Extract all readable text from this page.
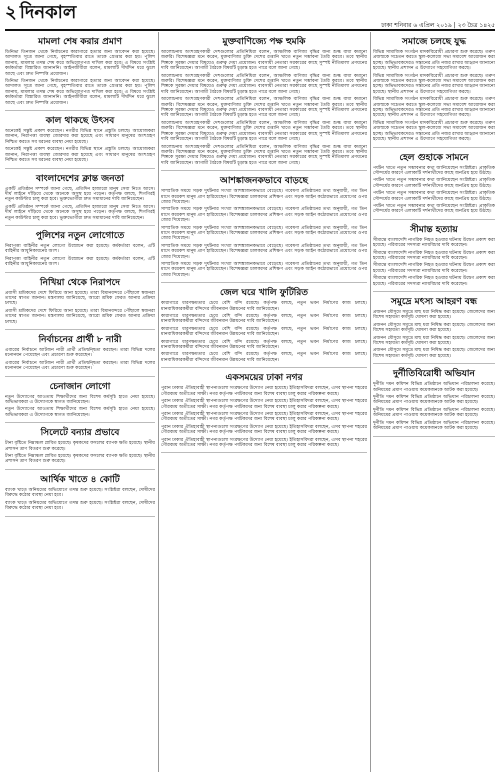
২ দিনকাল
ঢাকা শনিবার ৬ এপ্রিল ২০১৯ | ২৩ চৈত্র ১৪২৫
মামলা শেষ করার প্রমাণ

ডিনিভা তিনজন থেকে নির্বাচনের কারাগারে হত্যার জন্য আবেদন করা হয়েছে। আদালত সূত্রে জানা গেছে, বৃহস্পতিবার রাতে তাকে গ্রেপ্তার করা হয়। পুলিশ জানায়, মামলার তদন্ত শেষ করে অভিযোগপত্র দাখিল করা হবে। এ বিষয়ে সংশ্লিষ্ট কর্মকর্তারা বিস্তারিত জানাননি। আইনজীবীরা বলেন, মামলাটি দীর্ঘদিন ধরে ঝুলে আছে এবং দ্রুত নিষ্পত্তি প্রয়োজন।

ডিনিভা তিনজন থেকে নির্বাচনের কারাগারে হত্যার জন্য আবেদন করা হয়েছে। আদালত সূত্রে জানা গেছে, বৃহস্পতিবার রাতে তাকে গ্রেপ্তার করা হয়। পুলিশ জানায়, মামলার তদন্ত শেষ করে অভিযোগপত্র দাখিল করা হবে। এ বিষয়ে সংশ্লিষ্ট কর্মকর্তারা বিস্তারিত জানাননি। আইনজীবীরা বলেন, মামলাটি দীর্ঘদিন ধরে ঝুলে আছে এবং দ্রুত নিষ্পত্তি প্রয়োজন।

কাল থাকছে উৎসব

অনেকেই সন্তুষ্ট প্রকাশ করেছেন। নগরীর বিভিন্ন স্থানে প্রস্তুতি চলছে। আয়োজকরা জানান, নিরাপত্তা ব্যবস্থা জোরদার করা হয়েছে এবং সাধারণ মানুষের অংশগ্রহণ নিশ্চিত করতে সব ধরনের ব্যবস্থা নেয়া হয়েছে।

অনেকেই সন্তুষ্ট প্রকাশ করেছেন। নগরীর বিভিন্ন স্থানে প্রস্তুতি চলছে। আয়োজকরা জানান, নিরাপত্তা ব্যবস্থা জোরদার করা হয়েছে এবং সাধারণ মানুষের অংশগ্রহণ নিশ্চিত করতে সব ধরনের ব্যবস্থা নেয়া হয়েছে।

বাংলাদেশের ক্লান্ত জনতা

একটি প্রতিষ্ঠান সম্পর্কে জানা গেছে, প্রতিদিন হাজারো মানুষ সেবা নিতে আসে। দীর্ঘ লাইনে দাঁড়িয়ে থেকে অনেকে অসুস্থ হয়ে পড়েন। কর্তৃপক্ষ বলছে, শিগগিরই নতুন কাউন্টার চালু করা হবে। ভুক্তভোগীরা দ্রুত সমাধানের দাবি জানিয়েছেন।

একটি প্রতিষ্ঠান সম্পর্কে জানা গেছে, প্রতিদিন হাজারো মানুষ সেবা নিতে আসে। দীর্ঘ লাইনে দাঁড়িয়ে থেকে অনেকে অসুস্থ হয়ে পড়েন। কর্তৃপক্ষ বলছে, শিগগিরই নতুন কাউন্টার চালু করা হবে। ভুক্তভোগীরা দ্রুত সমাধানের দাবি জানিয়েছেন।

পুলিশের নতুন লোগোতে

নিরাপত্তা বাহিনীর নতুন লোগো উন্মোচন করা হয়েছে। কর্মকর্তারা বলেন, এটি বাহিনীর আধুনিকায়নের অংশ।

নিরাপত্তা বাহিনীর নতুন লোগো উন্মোচন করা হয়েছে। কর্মকর্তারা বলেন, এটি বাহিনীর আধুনিকায়নের অংশ।

নিখিয়া থেকে নিরাপদে

প্রবাসী শ্রমিকদের দেশে ফিরিয়ে আনা হয়েছে। তারা বিমানবন্দরে পৌঁছালে স্বজনরা তাদের স্বাগত জানান। মন্ত্রণালয় জানিয়েছে, আরো শ্রমিক ফেরত আনার প্রক্রিয়া চলছে।

প্রবাসী শ্রমিকদের দেশে ফিরিয়ে আনা হয়েছে। তারা বিমানবন্দরে পৌঁছালে স্বজনরা তাদের স্বাগত জানান। মন্ত্রণালয় জানিয়েছে, আরো শ্রমিক ফেরত আনার প্রক্রিয়া চলছে।

নির্বাচনের প্রার্থী ৮ নারী

এবারের নির্বাচনে আটজন নারী প্রার্থী প্রতিদ্বন্দ্বিতা করছেন। তারা বিভিন্ন দলের মনোনয়ন পেয়েছেন এবং প্রচারণা শুরু করেছেন।

এবারের নির্বাচনে আটজন নারী প্রার্থী প্রতিদ্বন্দ্বিতা করছেন। তারা বিভিন্ন দলের মনোনয়ন পেয়েছেন এবং প্রচারণা শুরু করেছেন।

চেনাজান লোগো

নতুন উদ্যোগের আওতায় শিক্ষার্থীদের জন্য বিশেষ কর্মসূচি হাতে নেয়া হয়েছে। অভিভাবকরা এ উদ্যোগকে স্বাগত জানিয়েছেন।

নতুন উদ্যোগের আওতায় শিক্ষার্থীদের জন্য বিশেষ কর্মসূচি হাতে নেয়া হয়েছে। অভিভাবকরা এ উদ্যোগকে স্বাগত জানিয়েছেন।

সিলেটে বন্যার প্রভাবে

টানা বৃষ্টিতে নিম্নাঞ্চল প্লাবিত হয়েছে। কৃষকদের ফসলের ব্যাপক ক্ষতি হয়েছে। স্থানীয় প্রশাসন ত্রাণ বিতরণ শুরু করেছে।

টানা বৃষ্টিতে নিম্নাঞ্চল প্লাবিত হয়েছে। কৃষকদের ফসলের ব্যাপক ক্ষতি হয়েছে। স্থানীয় প্রশাসন ত্রাণ বিতরণ শুরু করেছে।

আর্থিক খাতে ৪ কোটি

ব্যাংক খাতে অনিয়মের অভিযোগে তদন্ত শুরু হয়েছে। সংশ্লিষ্টরা বলছেন, দোষীদের বিরুদ্ধে কঠোর ব্যবস্থা নেয়া হবে।

ব্যাংক খাতে অনিয়মের অভিযোগে তদন্ত শুরু হয়েছে। সংশ্লিষ্টরা বলছেন, দোষীদের বিরুদ্ধে কঠোর ব্যবস্থা নেয়া হবে।

মুক্তবাণিজ্যে পক্ষ হুমকি

আলোচনায় অংশগ্রহণকারী দেশগুলোর প্রতিনিধিরা বলেন, আঞ্চলিক বাণিজ্য বৃদ্ধির জন্য শুল্ক বাধা কমানো জরুরি। বিশেষজ্ঞরা মনে করেন, মুক্তবাণিজ্য চুক্তি দেশের রপ্তানি খাতে নতুন সম্ভাবনা তৈরি করবে। তবে স্থানীয় শিল্পকে সুরক্ষা দেয়ার বিষয়েও গুরুত্ব দেয়া প্রয়োজন। ব্যবসায়ী নেতারা সরকারের কাছে সুস্পষ্ট নীতিমালা প্রণয়নের দাবি জানিয়েছেন। আগামী বৈঠকে বিষয়টি চূড়ান্ত হতে পারে বলে জানা গেছে।

আলোচনায় অংশগ্রহণকারী দেশগুলোর প্রতিনিধিরা বলেন, আঞ্চলিক বাণিজ্য বৃদ্ধির জন্য শুল্ক বাধা কমানো জরুরি। বিশেষজ্ঞরা মনে করেন, মুক্তবাণিজ্য চুক্তি দেশের রপ্তানি খাতে নতুন সম্ভাবনা তৈরি করবে। তবে স্থানীয় শিল্পকে সুরক্ষা দেয়ার বিষয়েও গুরুত্ব দেয়া প্রয়োজন। ব্যবসায়ী নেতারা সরকারের কাছে সুস্পষ্ট নীতিমালা প্রণয়নের দাবি জানিয়েছেন। আগামী বৈঠকে বিষয়টি চূড়ান্ত হতে পারে বলে জানা গেছে।

আলোচনায় অংশগ্রহণকারী দেশগুলোর প্রতিনিধিরা বলেন, আঞ্চলিক বাণিজ্য বৃদ্ধির জন্য শুল্ক বাধা কমানো জরুরি। বিশেষজ্ঞরা মনে করেন, মুক্তবাণিজ্য চুক্তি দেশের রপ্তানি খাতে নতুন সম্ভাবনা তৈরি করবে। তবে স্থানীয় শিল্পকে সুরক্ষা দেয়ার বিষয়েও গুরুত্ব দেয়া প্রয়োজন। ব্যবসায়ী নেতারা সরকারের কাছে সুস্পষ্ট নীতিমালা প্রণয়নের দাবি জানিয়েছেন। আগামী বৈঠকে বিষয়টি চূড়ান্ত হতে পারে বলে জানা গেছে।

আলোচনায় অংশগ্রহণকারী দেশগুলোর প্রতিনিধিরা বলেন, আঞ্চলিক বাণিজ্য বৃদ্ধির জন্য শুল্ক বাধা কমানো জরুরি। বিশেষজ্ঞরা মনে করেন, মুক্তবাণিজ্য চুক্তি দেশের রপ্তানি খাতে নতুন সম্ভাবনা তৈরি করবে। তবে স্থানীয় শিল্পকে সুরক্ষা দেয়ার বিষয়েও গুরুত্ব দেয়া প্রয়োজন। ব্যবসায়ী নেতারা সরকারের কাছে সুস্পষ্ট নীতিমালা প্রণয়নের দাবি জানিয়েছেন। আগামী বৈঠকে বিষয়টি চূড়ান্ত হতে পারে বলে জানা গেছে।

আলোচনায় অংশগ্রহণকারী দেশগুলোর প্রতিনিধিরা বলেন, আঞ্চলিক বাণিজ্য বৃদ্ধির জন্য শুল্ক বাধা কমানো জরুরি। বিশেষজ্ঞরা মনে করেন, মুক্তবাণিজ্য চুক্তি দেশের রপ্তানি খাতে নতুন সম্ভাবনা তৈরি করবে। তবে স্থানীয় শিল্পকে সুরক্ষা দেয়ার বিষয়েও গুরুত্ব দেয়া প্রয়োজন। ব্যবসায়ী নেতারা সরকারের কাছে সুস্পষ্ট নীতিমালা প্রণয়নের দাবি জানিয়েছেন। আগামী বৈঠকে বিষয়টি চূড়ান্ত হতে পারে বলে জানা গেছে।

আশঙ্কাজনকভাবে বাড়ছে

সাম্প্রতিক সময়ে সড়ক দুর্ঘটনার সংখ্যা আশঙ্কাজনকভাবে বেড়েছে। গবেষণা প্রতিষ্ঠানের তথ্য অনুযায়ী, গত তিন মাসে কয়েকশ মানুষ প্রাণ হারিয়েছেন। বিশেষজ্ঞরা চালকদের প্রশিক্ষণ এবং সড়ক আইন কঠোরভাবে প্রয়োগের ওপর জোর দিয়েছেন।

সাম্প্রতিক সময়ে সড়ক দুর্ঘটনার সংখ্যা আশঙ্কাজনকভাবে বেড়েছে। গবেষণা প্রতিষ্ঠানের তথ্য অনুযায়ী, গত তিন মাসে কয়েকশ মানুষ প্রাণ হারিয়েছেন। বিশেষজ্ঞরা চালকদের প্রশিক্ষণ এবং সড়ক আইন কঠোরভাবে প্রয়োগের ওপর জোর দিয়েছেন।

সাম্প্রতিক সময়ে সড়ক দুর্ঘটনার সংখ্যা আশঙ্কাজনকভাবে বেড়েছে। গবেষণা প্রতিষ্ঠানের তথ্য অনুযায়ী, গত তিন মাসে কয়েকশ মানুষ প্রাণ হারিয়েছেন। বিশেষজ্ঞরা চালকদের প্রশিক্ষণ এবং সড়ক আইন কঠোরভাবে প্রয়োগের ওপর জোর দিয়েছেন।

সাম্প্রতিক সময়ে সড়ক দুর্ঘটনার সংখ্যা আশঙ্কাজনকভাবে বেড়েছে। গবেষণা প্রতিষ্ঠানের তথ্য অনুযায়ী, গত তিন মাসে কয়েকশ মানুষ প্রাণ হারিয়েছেন। বিশেষজ্ঞরা চালকদের প্রশিক্ষণ এবং সড়ক আইন কঠোরভাবে প্রয়োগের ওপর জোর দিয়েছেন।

সাম্প্রতিক সময়ে সড়ক দুর্ঘটনার সংখ্যা আশঙ্কাজনকভাবে বেড়েছে। গবেষণা প্রতিষ্ঠানের তথ্য অনুযায়ী, গত তিন মাসে কয়েকশ মানুষ প্রাণ হারিয়েছেন। বিশেষজ্ঞরা চালকদের প্রশিক্ষণ এবং সড়ক আইন কঠোরভাবে প্রয়োগের ওপর জোর দিয়েছেন।

জেল ঘরে খালি ফুটিরিত

কারাগারে ধারণক্ষমতার চেয়ে বেশি বন্দি রয়েছে। কর্তৃপক্ষ বলছে, নতুন ভবন নির্মাণের কাজ চলছে। মানবাধিকারকর্মীরা বন্দিদের জীবনমান উন্নয়নের দাবি জানিয়েছেন।

কারাগারে ধারণক্ষমতার চেয়ে বেশি বন্দি রয়েছে। কর্তৃপক্ষ বলছে, নতুন ভবন নির্মাণের কাজ চলছে। মানবাধিকারকর্মীরা বন্দিদের জীবনমান উন্নয়নের দাবি জানিয়েছেন।

কারাগারে ধারণক্ষমতার চেয়ে বেশি বন্দি রয়েছে। কর্তৃপক্ষ বলছে, নতুন ভবন নির্মাণের কাজ চলছে। মানবাধিকারকর্মীরা বন্দিদের জীবনমান উন্নয়নের দাবি জানিয়েছেন।

কারাগারে ধারণক্ষমতার চেয়ে বেশি বন্দি রয়েছে। কর্তৃপক্ষ বলছে, নতুন ভবন নির্মাণের কাজ চলছে। মানবাধিকারকর্মীরা বন্দিদের জীবনমান উন্নয়নের দাবি জানিয়েছেন।

কারাগারে ধারণক্ষমতার চেয়ে বেশি বন্দি রয়েছে। কর্তৃপক্ষ বলছে, নতুন ভবন নির্মাণের কাজ চলছে। মানবাধিকারকর্মীরা বন্দিদের জীবনমান উন্নয়নের দাবি জানিয়েছেন।

একসময়ের ঢাকা নগর

পুরান ঢাকার ঐতিহ্যবাহী স্থাপনাগুলো সংরক্ষণের উদ্যোগ নেয়া হয়েছে। ইতিহাসবিদরা বলছেন, এসব স্থাপনা শহরের গৌরবময় অতীতের সাক্ষী। নগর কর্তৃপক্ষ পর্যটকদের জন্য বিশেষ ব্যবস্থা চালু করার পরিকল্পনা করছে।

পুরান ঢাকার ঐতিহ্যবাহী স্থাপনাগুলো সংরক্ষণের উদ্যোগ নেয়া হয়েছে। ইতিহাসবিদরা বলছেন, এসব স্থাপনা শহরের গৌরবময় অতীতের সাক্ষী। নগর কর্তৃপক্ষ পর্যটকদের জন্য বিশেষ ব্যবস্থা চালু করার পরিকল্পনা করছে।

পুরান ঢাকার ঐতিহ্যবাহী স্থাপনাগুলো সংরক্ষণের উদ্যোগ নেয়া হয়েছে। ইতিহাসবিদরা বলছেন, এসব স্থাপনা শহরের গৌরবময় অতীতের সাক্ষী। নগর কর্তৃপক্ষ পর্যটকদের জন্য বিশেষ ব্যবস্থা চালু করার পরিকল্পনা করছে।

পুরান ঢাকার ঐতিহ্যবাহী স্থাপনাগুলো সংরক্ষণের উদ্যোগ নেয়া হয়েছে। ইতিহাসবিদরা বলছেন, এসব স্থাপনা শহরের গৌরবময় অতীতের সাক্ষী। নগর কর্তৃপক্ষ পর্যটকদের জন্য বিশেষ ব্যবস্থা চালু করার পরিকল্পনা করছে।

পুরান ঢাকার ঐতিহ্যবাহী স্থাপনাগুলো সংরক্ষণের উদ্যোগ নেয়া হয়েছে। ইতিহাসবিদরা বলছেন, এসব স্থাপনা শহরের গৌরবময় অতীতের সাক্ষী। নগর কর্তৃপক্ষ পর্যটকদের জন্য বিশেষ ব্যবস্থা চালু করার পরিকল্পনা করছে।

সমাজে চলছে যুদ্ধ

বিভিন্ন সামাজিক সংগঠন মাদকবিরোধী প্রচারণা শুরু করেছে। তরুণ প্রজন্মকে সচেতন করতে স্কুল-কলেজে সভা সমাবেশ আয়োজন করা হচ্ছে। অভিভাবকদেরও সন্তানের প্রতি নজর রাখার আহ্বান জানানো হয়েছে। স্থানীয় প্রশাসন এ উদ্যোগে সহযোগিতা করছে।

বিভিন্ন সামাজিক সংগঠন মাদকবিরোধী প্রচারণা শুরু করেছে। তরুণ প্রজন্মকে সচেতন করতে স্কুল-কলেজে সভা সমাবেশ আয়োজন করা হচ্ছে। অভিভাবকদেরও সন্তানের প্রতি নজর রাখার আহ্বান জানানো হয়েছে। স্থানীয় প্রশাসন এ উদ্যোগে সহযোগিতা করছে।

বিভিন্ন সামাজিক সংগঠন মাদকবিরোধী প্রচারণা শুরু করেছে। তরুণ প্রজন্মকে সচেতন করতে স্কুল-কলেজে সভা সমাবেশ আয়োজন করা হচ্ছে। অভিভাবকদেরও সন্তানের প্রতি নজর রাখার আহ্বান জানানো হয়েছে। স্থানীয় প্রশাসন এ উদ্যোগে সহযোগিতা করছে।

বিভিন্ন সামাজিক সংগঠন মাদকবিরোধী প্রচারণা শুরু করেছে। তরুণ প্রজন্মকে সচেতন করতে স্কুল-কলেজে সভা সমাবেশ আয়োজন করা হচ্ছে। অভিভাবকদেরও সন্তানের প্রতি নজর রাখার আহ্বান জানানো হয়েছে। স্থানীয় প্রশাসন এ উদ্যোগে সহযোগিতা করছে।

হেল গুহাকে সামনে

পর্যটন খাতে নতুন সম্ভাবনার কথা জানিয়েছেন সংশ্লিষ্টরা। প্রাকৃতিক সৌন্দর্যের কারণে এলাকাটি দর্শনার্থীদের কাছে জনপ্রিয় হয়ে উঠছে।

পর্যটন খাতে নতুন সম্ভাবনার কথা জানিয়েছেন সংশ্লিষ্টরা। প্রাকৃতিক সৌন্দর্যের কারণে এলাকাটি দর্শনার্থীদের কাছে জনপ্রিয় হয়ে উঠছে।

পর্যটন খাতে নতুন সম্ভাবনার কথা জানিয়েছেন সংশ্লিষ্টরা। প্রাকৃতিক সৌন্দর্যের কারণে এলাকাটি দর্শনার্থীদের কাছে জনপ্রিয় হয়ে উঠছে।

পর্যটন খাতে নতুন সম্ভাবনার কথা জানিয়েছেন সংশ্লিষ্টরা। প্রাকৃতিক সৌন্দর্যের কারণে এলাকাটি দর্শনার্থীদের কাছে জনপ্রিয় হয়ে উঠছে।

সীমান্ত হত্যায়

সীমান্তে বাংলাদেশি নাগরিক নিহত হওয়ার ঘটনায় উদ্বেগ প্রকাশ করা হয়েছে। পরিবারের সদস্যরা ন্যায়বিচার দাবি করেছেন।

সীমান্তে বাংলাদেশি নাগরিক নিহত হওয়ার ঘটনায় উদ্বেগ প্রকাশ করা হয়েছে। পরিবারের সদস্যরা ন্যায়বিচার দাবি করেছেন।

সীমান্তে বাংলাদেশি নাগরিক নিহত হওয়ার ঘটনায় উদ্বেগ প্রকাশ করা হয়েছে। পরিবারের সদস্যরা ন্যায়বিচার দাবি করেছেন।

সীমান্তে বাংলাদেশি নাগরিক নিহত হওয়ার ঘটনায় উদ্বেগ প্রকাশ করা হয়েছে। পরিবারের সদস্যরা ন্যায়বিচার দাবি করেছেন।

সমুদ্রে মৎস্য আহরণ বন্ধ

প্রজনন মৌসুমে সমুদ্রে মাছ ধরা নিষিদ্ধ করা হয়েছে। জেলেদের জন্য বিশেষ সহায়তা কর্মসূচি ঘোষণা করা হয়েছে।

প্রজনন মৌসুমে সমুদ্রে মাছ ধরা নিষিদ্ধ করা হয়েছে। জেলেদের জন্য বিশেষ সহায়তা কর্মসূচি ঘোষণা করা হয়েছে।

প্রজনন মৌসুমে সমুদ্রে মাছ ধরা নিষিদ্ধ করা হয়েছে। জেলেদের জন্য বিশেষ সহায়তা কর্মসূচি ঘোষণা করা হয়েছে।

প্রজনন মৌসুমে সমুদ্রে মাছ ধরা নিষিদ্ধ করা হয়েছে। জেলেদের জন্য বিশেষ সহায়তা কর্মসূচি ঘোষণা করা হয়েছে।

দুর্নীতিবিরোধী অভিযান

দুর্নীতি দমন কমিশন বিভিন্ন প্রতিষ্ঠানে অভিযান পরিচালনা করেছে। অনিয়মের প্রমাণ পাওয়ায় কয়েকজনকে আটক করা হয়েছে।

দুর্নীতি দমন কমিশন বিভিন্ন প্রতিষ্ঠানে অভিযান পরিচালনা করেছে। অনিয়মের প্রমাণ পাওয়ায় কয়েকজনকে আটক করা হয়েছে।

দুর্নীতি দমন কমিশন বিভিন্ন প্রতিষ্ঠানে অভিযান পরিচালনা করেছে। অনিয়মের প্রমাণ পাওয়ায় কয়েকজনকে আটক করা হয়েছে।

দুর্নীতি দমন কমিশন বিভিন্ন প্রতিষ্ঠানে অভিযান পরিচালনা করেছে। অনিয়মের প্রমাণ পাওয়ায় কয়েকজনকে আটক করা হয়েছে।
